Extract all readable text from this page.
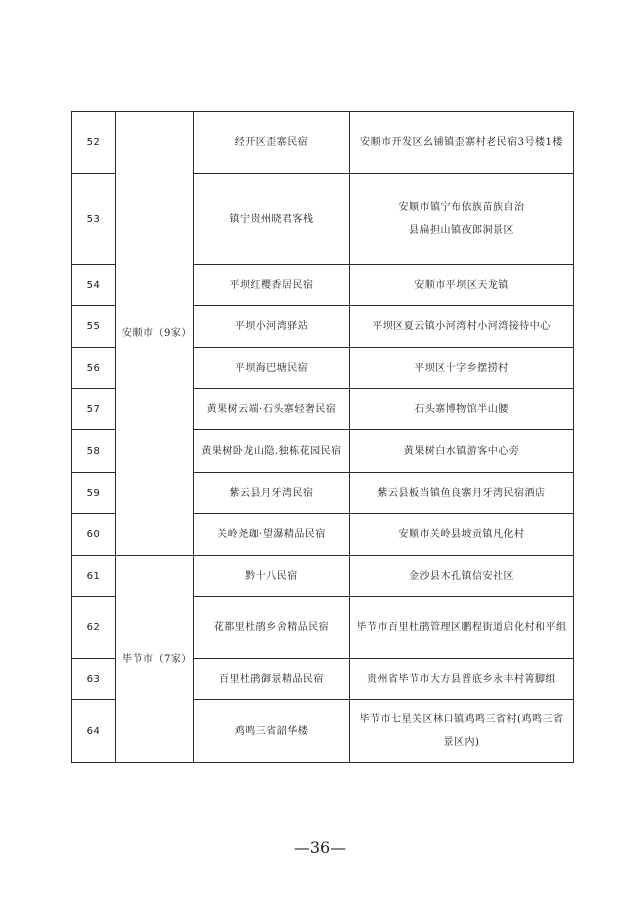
52	安顺市（9家）	经开区歪寨民宿	安顺市开发区幺铺镇歪寨村老民宿3号楼1楼
53		镇宁贵州晓君客栈	安顺市镇宁布依族苗族自治县扁担山镇夜郎洞景区
54		平坝红樱香居民宿	安顺市平坝区天龙镇
55		平坝小河湾驿站	平坝区夏云镇小河湾村小河湾接待中心
56		平坝海巴塘民宿	平坝区十字乡摆捞村
57		黄果树云端·石头寨轻奢民宿	石头寨博物馆半山腰
58		黄果树卧龙山隐.独栋花园民宿	黄果树白水镇游客中心旁
59		紫云县月牙湾民宿	紫云县板当镇鱼良寨月牙湾民宿酒店
60		关岭尧珈·望瀑精品民宿	安顺市关岭县坡贡镇凡化村
61	毕节市（7家）	黔十八民宿	金沙县木孔镇信安社区
62		花都里杜鹃乡舍精品民宿	毕节市百里杜鹃管理区鹏程街道启化村和平组
63		百里杜鹃御景精品民宿	贵州省毕节市大方县普底乡永丰村箐脚组
64		鸡鸣三省韶华楼	毕节市七星关区林口镇鸡鸣三省村(鸡鸣三省景区内)
—36—
